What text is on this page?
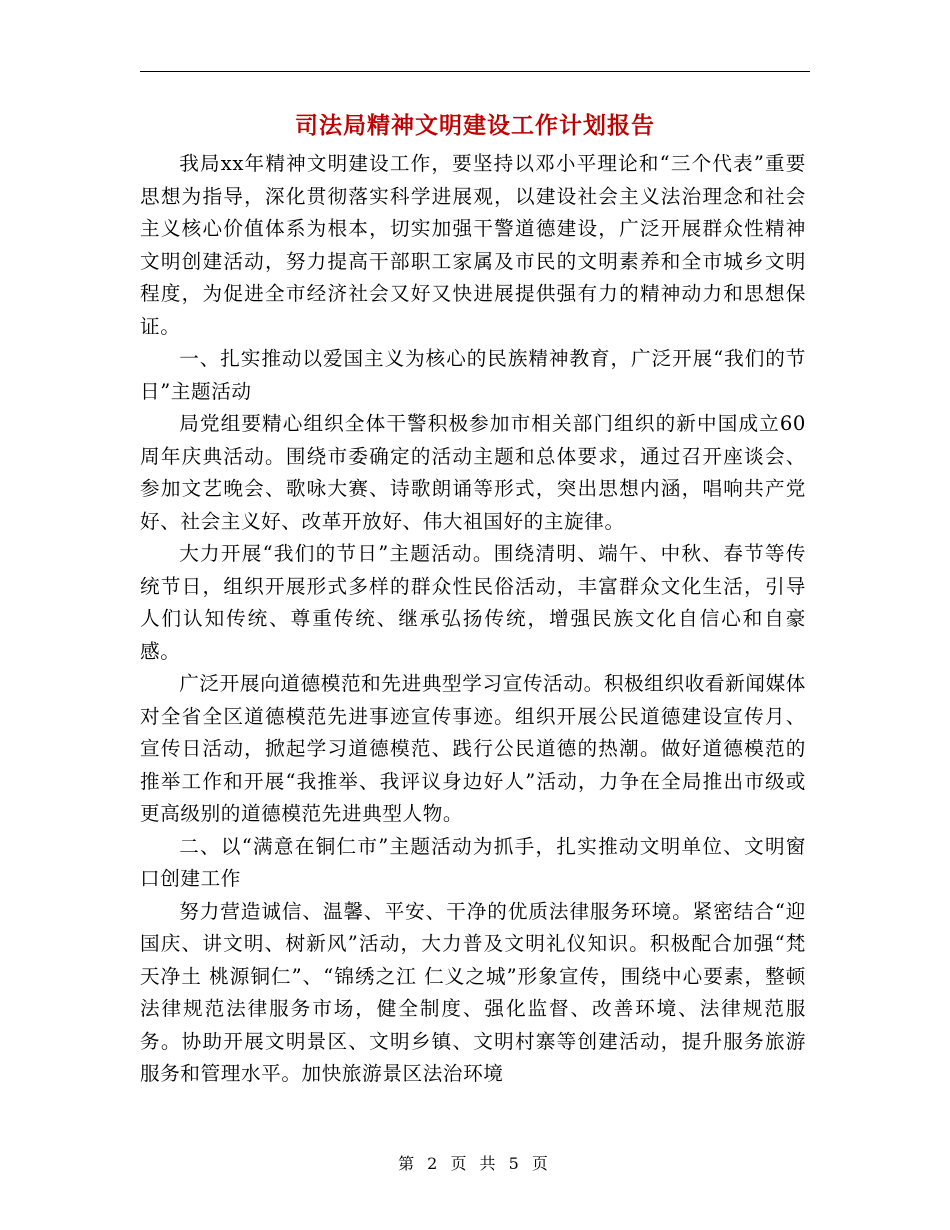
司法局精神文明建设工作计划报告

我局xx年精神文明建设工作，要坚持以邓小平理论和“三个代表”重要思想为指导，深化贯彻落实科学进展观，以建设社会主义法治理念和社会主义核心价值体系为根本，切实加强干警道德建设，广泛开展群众性精神文明创建活动，努力提高干部职工家属及市民的文明素养和全市城乡文明程度，为促进全市经济社会又好又快进展提供强有力的精神动力和思想保证。

一、扎实推动以爱国主义为核心的民族精神教育，广泛开展“我们的节日”主题活动

局党组要精心组织全体干警积极参加市相关部门组织的新中国成立60周年庆典活动。围绕市委确定的活动主题和总体要求，通过召开座谈会、参加文艺晚会、歌咏大赛、诗歌朗诵等形式，突出思想内涵，唱响共产党好、社会主义好、改革开放好、伟大祖国好的主旋律。

大力开展“我们的节日”主题活动。围绕清明、端午、中秋、春节等传统节日，组织开展形式多样的群众性民俗活动，丰富群众文化生活，引导人们认知传统、尊重传统、继承弘扬传统，增强民族文化自信心和自豪感。

广泛开展向道德模范和先进典型学习宣传活动。积极组织收看新闻媒体对全省全区道德模范先进事迹宣传事迹。组织开展公民道德建设宣传月、宣传日活动，掀起学习道德模范、践行公民道德的热潮。做好道德模范的推举工作和开展“我推举、我评议身边好人”活动，力争在全局推出市级或更高级别的道德模范先进典型人物。

二、以“满意在铜仁市”主题活动为抓手，扎实推动文明单位、文明窗口创建工作

努力营造诚信、温馨、平安、干净的优质法律服务环境。紧密结合“迎国庆、讲文明、树新风”活动，大力普及文明礼仪知识。积极配合加强“梵天净土 桃源铜仁”、“锦绣之江 仁义之城”形象宣传，围绕中心要素，整顿法律规范法律服务市场，健全制度、强化监督、改善环境、法律规范服务。协助开展文明景区、文明乡镇、文明村寨等创建活动，提升服务旅游服务和管理水平。加快旅游景区法治环境

第 2 页 共 5 页
